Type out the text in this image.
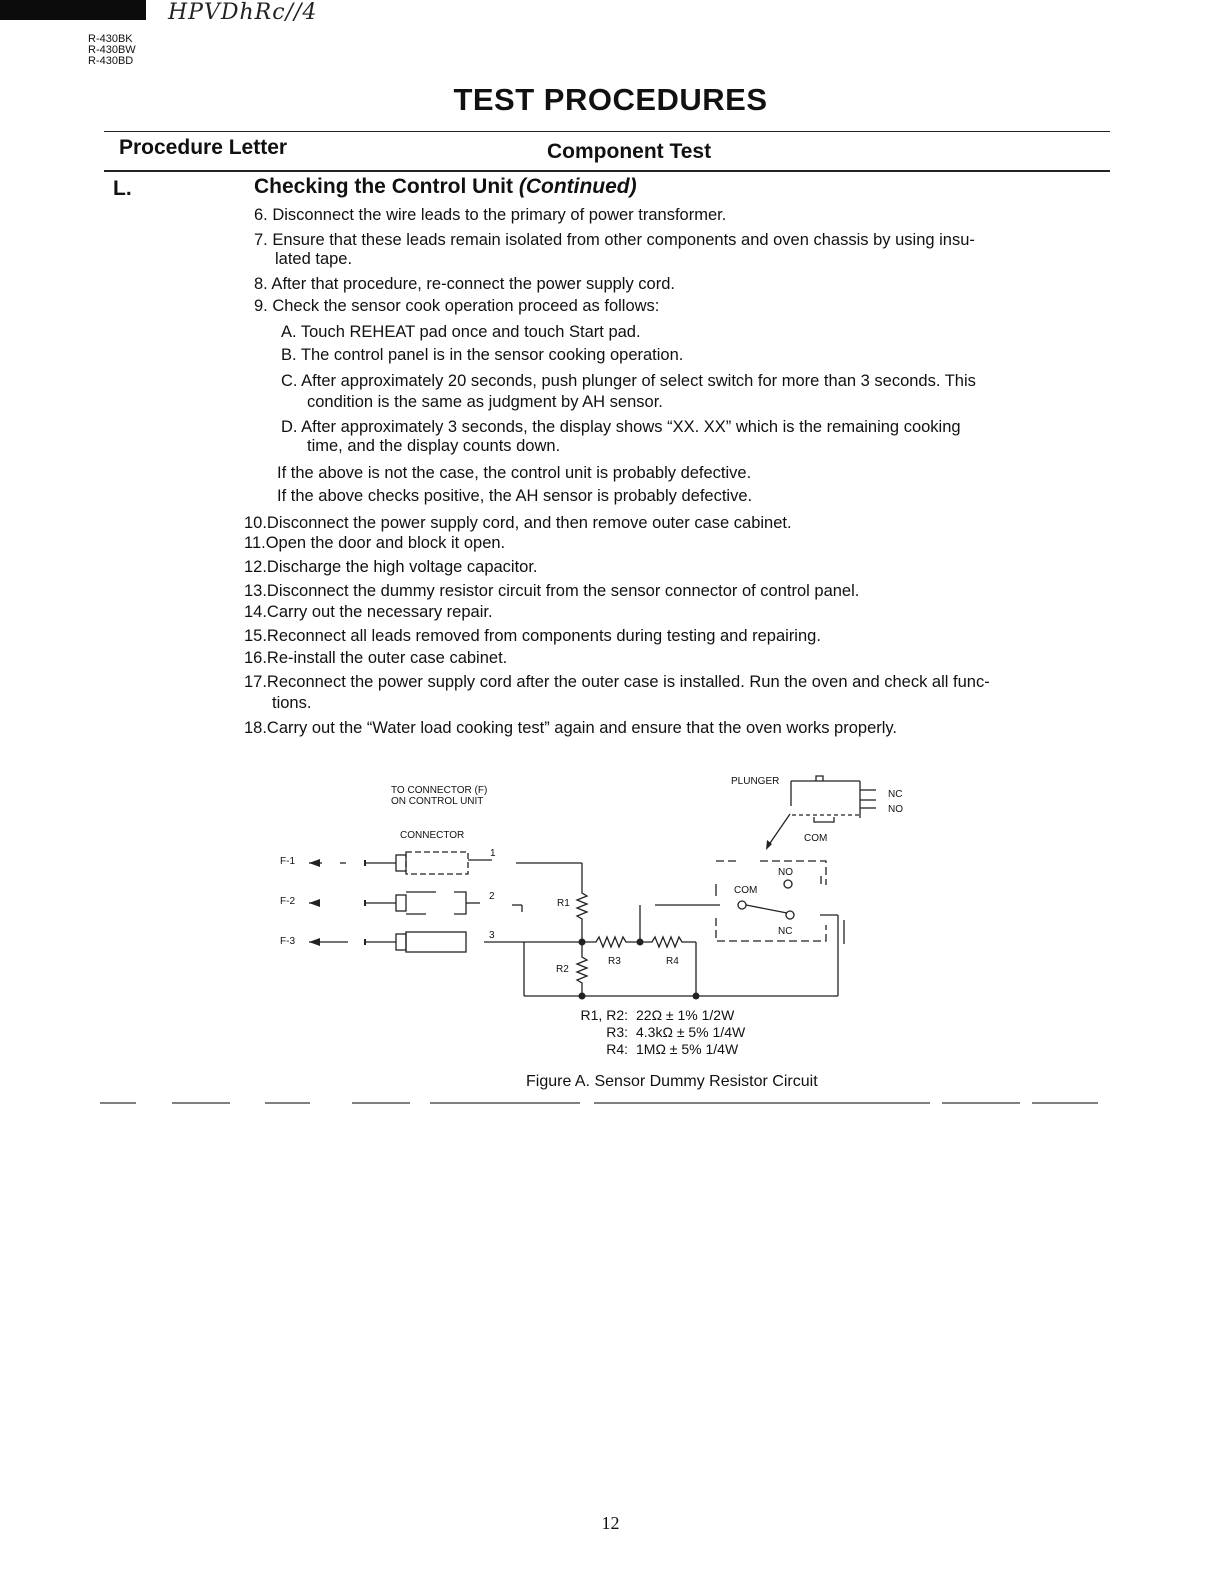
HPVDhRc//4
R-430BK
R-430BW
R-430BD
TEST PROCEDURES
Procedure Letter	Component Test
L.	Checking the Control Unit (Continued)
6. Disconnect the wire leads to the primary of power transformer.
7. Ensure that these leads remain isolated from other components and oven chassis by using insu-
lated tape.
8. After that procedure, re-connect the power supply cord.
9. Check the sensor cook operation proceed as follows:
A. Touch REHEAT pad once and touch Start pad.
B. The control panel is in the sensor cooking operation.
C. After approximately 20 seconds, push plunger of select switch for more than 3 seconds. This
condition is the same as judgment by AH sensor.
D. After approximately 3 seconds, the display shows “XX. XX” which is the remaining cooking
time, and the display counts down.
If the above is not the case, the control unit is probably defective.
If the above checks positive, the AH sensor is probably defective.
10.Disconnect the power supply cord, and then remove outer case cabinet.
11.Open the door and block it open.
12.Discharge the high voltage capacitor.
13.Disconnect the dummy resistor circuit from the sensor connector of control panel.
14.Carry out the necessary repair.
15.Reconnect all leads removed from components during testing and repairing.
16.Re-install the outer case cabinet.
17.Reconnect the power supply cord after the outer case is installed. Run the oven and check all func-
tions.
18.Carry out the “Water load cooking test” again and ensure that the oven works properly.
TO CONNECTOR (F)
ON CONTROL UNIT
CONNECTOR
F-1
F-2
F-3
1
2
3
PLUNGER
NC
NO
COM
NO
COM
NC
R1
R2
R3	R4
R1, R2: 22Ω ± 1% 1/2W
R3: 4.3kΩ ± 5% 1/4W
R4: 1MΩ ± 5% 1/4W
Figure A. Sensor Dummy Resistor Circuit
12
